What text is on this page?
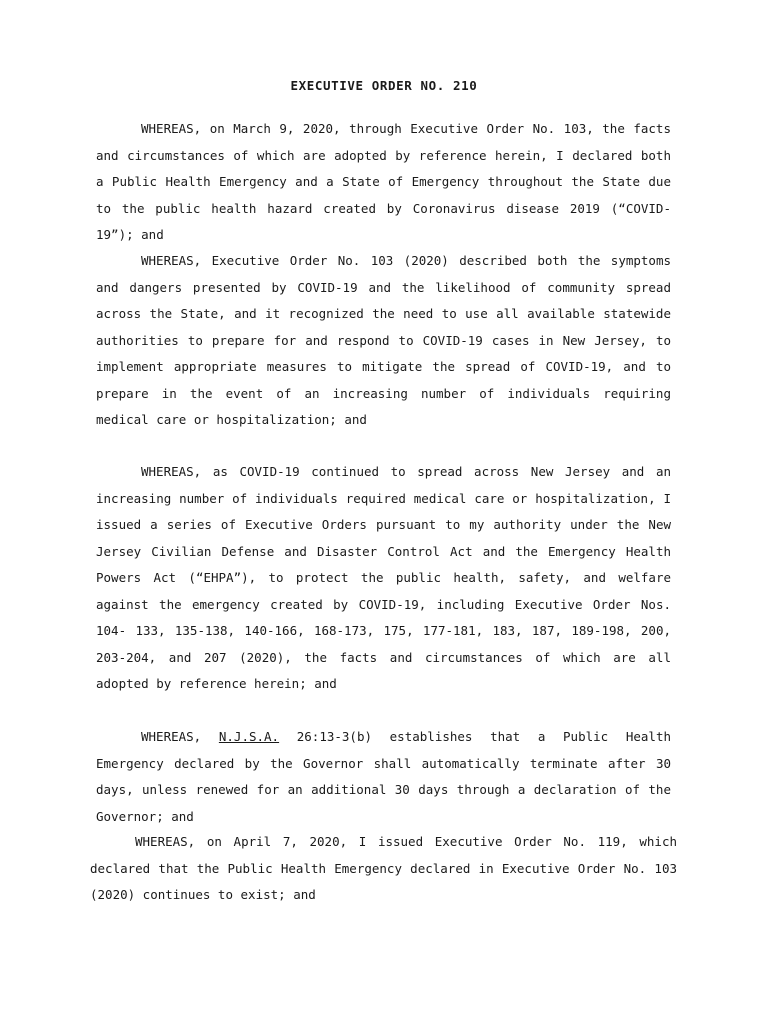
EXECUTIVE ORDER NO. 210

WHEREAS, on March 9, 2020, through Executive Order No. 103, the facts and circumstances of which are adopted by reference herein, I declared both a Public Health Emergency and a State of Emergency throughout the State due to the public health hazard created by Coronavirus disease 2019 (“COVID-19”); and

WHEREAS, Executive Order No. 103 (2020) described both the symptoms and dangers presented by COVID-19 and the likelihood of community spread across the State, and it recognized the need to use all available statewide authorities to prepare for and respond to COVID-19 cases in New Jersey, to implement appropriate measures to mitigate the spread of COVID-19, and to prepare in the event of an increasing number of individuals requiring medical care or hospitalization; and

WHEREAS, as COVID-19 continued to spread across New Jersey and an increasing number of individuals required medical care or hospitalization, I issued a series of Executive Orders pursuant to my authority under the New Jersey Civilian Defense and Disaster Control Act and the Emergency Health Powers Act (“EHPA”), to protect the public health, safety, and welfare against the emergency created by COVID-19, including Executive Order Nos. 104- 133, 135-138, 140-166, 168-173, 175, 177-181, 183, 187, 189-198, 200, 203-204, and 207 (2020), the facts and circumstances of which are all adopted by reference herein; and

WHEREAS, N.J.S.A. 26:13-3(b) establishes that a Public Health Emergency declared by the Governor shall automatically terminate after 30 days, unless renewed for an additional 30 days through a declaration of the Governor; and

WHEREAS, on April 7, 2020, I issued Executive Order No. 119, which declared that the Public Health Emergency declared in Executive Order No. 103 (2020) continues to exist; and
